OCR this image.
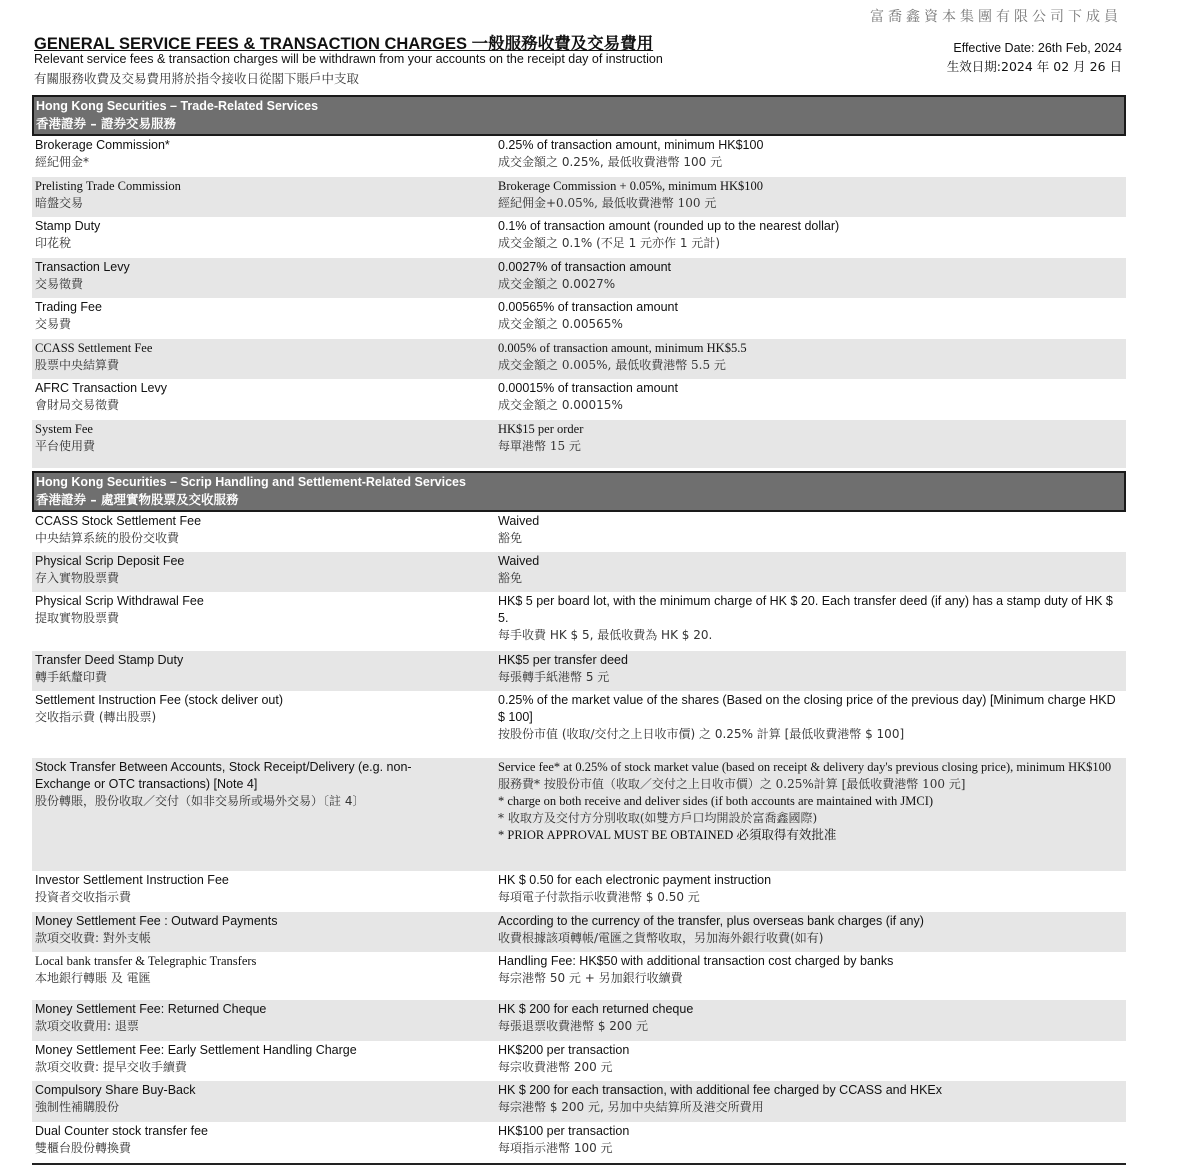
富喬鑫資本集團有限公司下成員
GENERAL SERVICE FEES & TRANSACTION CHARGES 一般服務收費及交易費用
Relevant service fees & transaction charges will be withdrawn from your accounts on the receipt day of instruction
有關服務收費及交易費用將於指令接收日從閣下賬戶中支取
Effective Date: 26th Feb, 2024
生效日期:2024 年 02 月 26 日
Hong Kong Securities – Trade-Related Services
香港證券 – 證券交易服務
Brokerage Commission*
經紀佣金*
0.25% of transaction amount, minimum HK$100
成交金額之 0.25%, 最低收費港幣 100 元
Prelisting Trade Commission
暗盤交易
Brokerage Commission + 0.05%, minimum HK$100
經紀佣金+0.05%, 最低收費港幣 100 元
Stamp Duty
印花稅
0.1% of transaction amount (rounded up to the nearest dollar)
成交金額之 0.1% (不足 1 元亦作 1 元計)
Transaction Levy
交易徵費
0.0027% of transaction amount
成交金額之 0.0027%
Trading Fee
交易費
0.00565% of transaction amount
成交金額之 0.00565%
CCASS Settlement Fee
股票中央結算費
0.005% of transaction amount, minimum HK$5.5
成交金額之 0.005%, 最低收費港幣 5.5 元
AFRC Transaction Levy
會財局交易徵費
0.00015% of transaction amount
成交金額之 0.00015%
System Fee
平台使用費
HK$15 per order
每單港幣 15 元
Hong Kong Securities – Scrip Handling and Settlement-Related Services
香港證券 – 處理實物股票及交收服務
CCASS Stock Settlement Fee
中央結算系統的股份交收費
Waived
豁免
Physical Scrip Deposit Fee
存入實物股票費
Waived
豁免
Physical Scrip Withdrawal Fee
提取實物股票費
HK$ 5 per board lot, with the minimum charge of HK $ 20. Each transfer deed (if any) has a stamp duty of HK $ 5.
每手收費 HK $ 5, 最低收費為 HK $ 20.
Transfer Deed Stamp Duty
轉手紙釐印費
HK$5 per transfer deed
每張轉手紙港幣 5 元
Settlement Instruction Fee (stock deliver out)
交收指示費 (轉出股票)
0.25% of the market value of the shares (Based on the closing price of the previous day) [Minimum charge HKD $ 100]
按股份市值 (收取/交付之上日收市價) 之 0.25% 計算 [最低收費港幣 $ 100]
Stock Transfer Between Accounts, Stock Receipt/Delivery (e.g. non-Exchange or OTC transactions) [Note 4]
股份轉賬，股份收取／交付（如非交易所或場外交易）〔註 4〕
Service fee* at 0.25% of stock market value (based on receipt & delivery day's previous closing price), minimum HK$100
服務費* 按股份市值（收取／交付之上日收市價）之 0.25%計算 [最低收費港幣 100 元]
* charge on both receive and deliver sides (if both accounts are maintained with JMCI)
* 收取方及交付方分別收取(如雙方戶口均開設於富喬鑫國際)
* PRIOR APPROVAL MUST BE OBTAINED 必須取得有效批准
Investor Settlement Instruction Fee
投資者交收指示費
HK $ 0.50 for each electronic payment instruction
每項電子付款指示收費港幣 $ 0.50 元
Money Settlement Fee : Outward Payments
款項交收費: 對外支帳
According to the currency of the transfer, plus overseas bank charges (if any)
收費根據該項轉帳/電匯之貨幣收取，另加海外銀行收費(如有)
Local bank transfer & Telegraphic Transfers
本地銀行轉賬 及 電匯
Handling Fee: HK$50 with additional transaction cost charged by banks
每宗港幣 50 元 + 另加銀行收續費
Money Settlement Fee: Returned Cheque
款項交收費用: 退票
HK $ 200 for each returned cheque
每張退票收費港幣 $ 200 元
Money Settlement Fee: Early Settlement Handling Charge
款項交收費: 提早交收手續費
HK$200 per transaction
每宗收費港幣 200 元
Compulsory Share Buy-Back
強制性補購股份
HK $ 200 for each transaction, with additional fee charged by CCASS and HKEx
每宗港幣 $ 200 元, 另加中央結算所及港交所費用
Dual Counter stock transfer fee
雙櫃台股份轉換費
HK$100 per transaction
每項指示港幣 100 元
